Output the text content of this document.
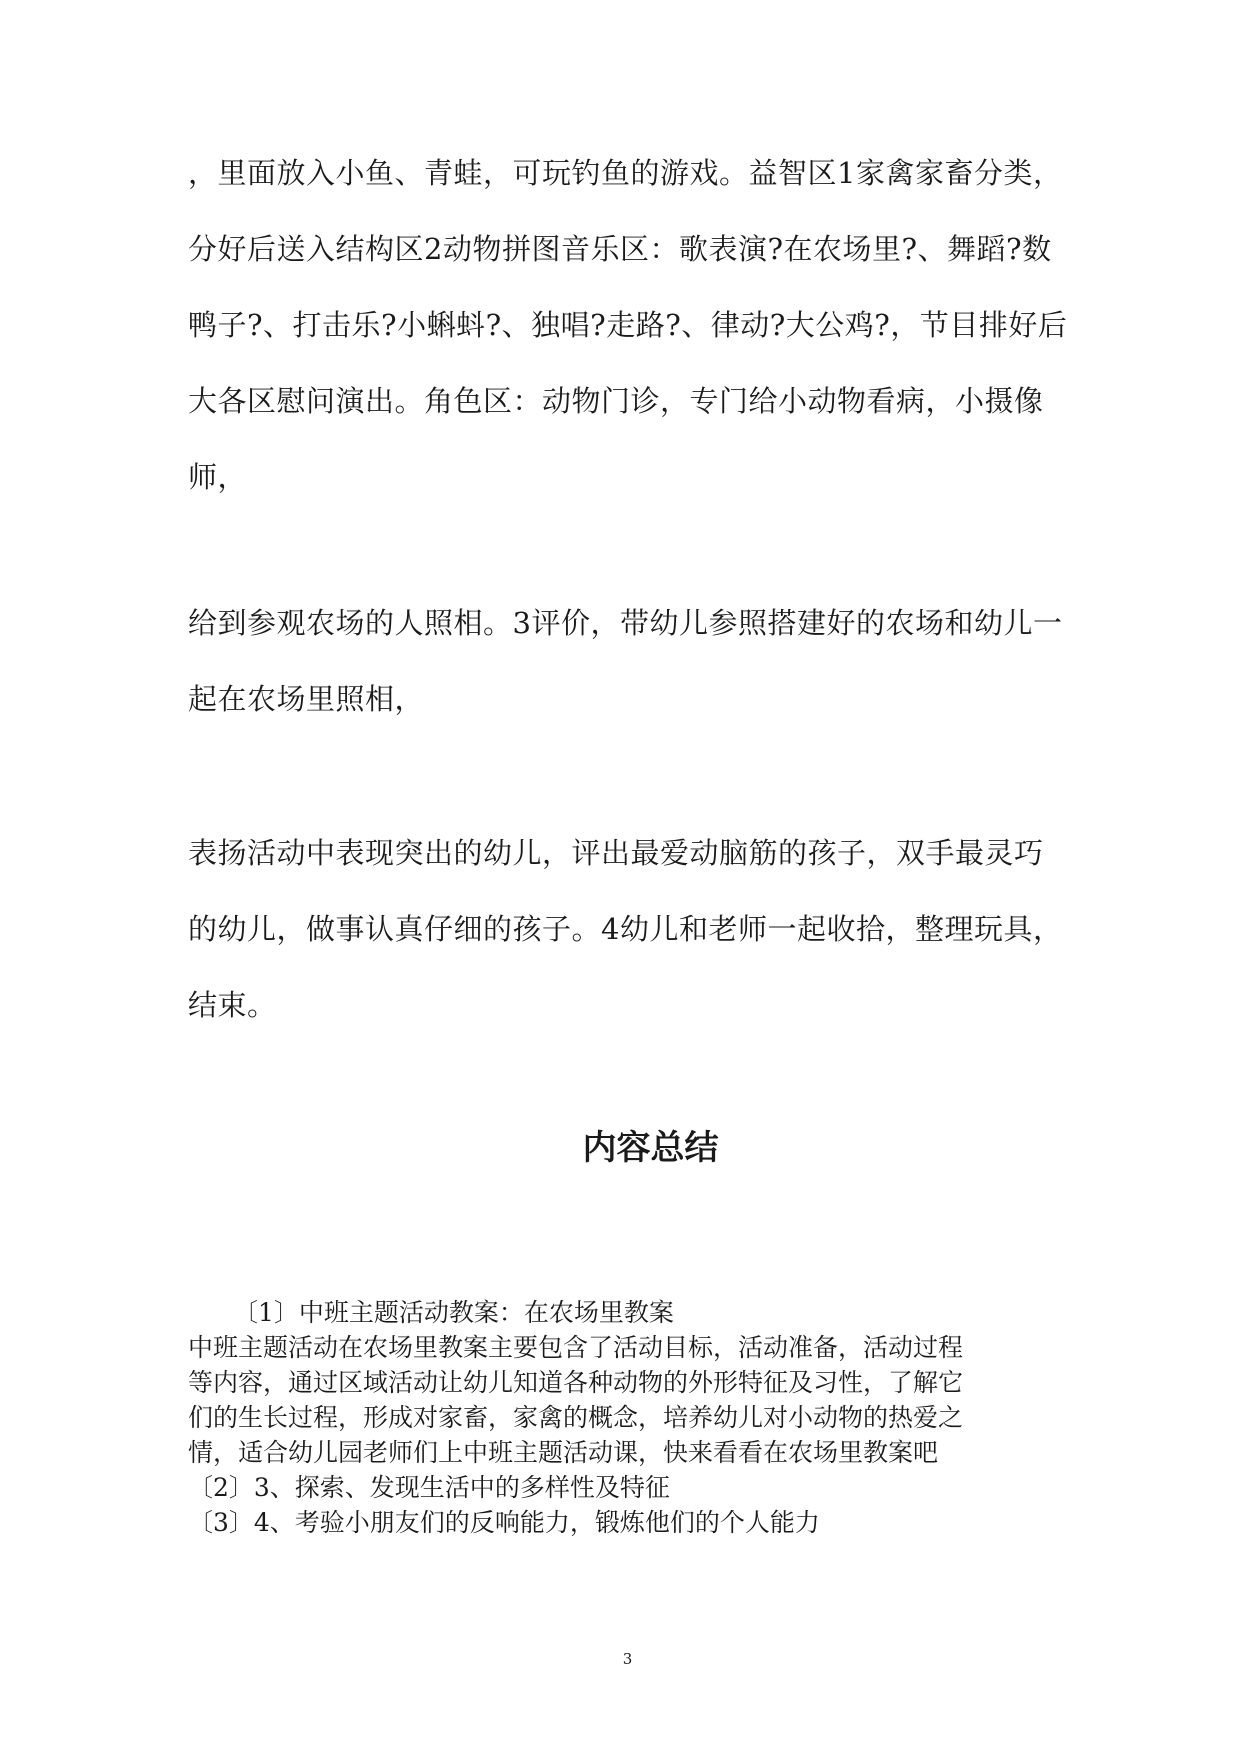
，里面放入小鱼、青蛙，可玩钓鱼的游戏。益智区1家禽家畜分类，
分好后送入结构区2动物拼图音乐区：歌表演?在农场里?、舞蹈?数
鸭子?、打击乐?小蝌蚪?、独唱?走路?、律动?大公鸡?，节目排好后
大各区慰问演出。角色区：动物门诊，专门给小动物看病，小摄像
师，
给到参观农场的人照相。3评价，带幼儿参照搭建好的农场和幼儿一
起在农场里照相，
表扬活动中表现突出的幼儿，评出最爱动脑筋的孩子，双手最灵巧
的幼儿，做事认真仔细的孩子。4幼儿和老师一起收拾，整理玩具，
结束。
内容总结
〔1〕中班主题活动教案：在农场里教案
中班主题活动在农场里教案主要包含了活动目标，活动准备，活动过程
等内容，通过区域活动让幼儿知道各种动物的外形特征及习性，了解它
们的生长过程，形成对家畜，家禽的概念，培养幼儿对小动物的热爱之
情，适合幼儿园老师们上中班主题活动课，快来看看在农场里教案吧
〔2〕3、探索、发现生活中的多样性及特征
〔3〕4、考验小朋友们的反响能力，锻炼他们的个人能力
3
